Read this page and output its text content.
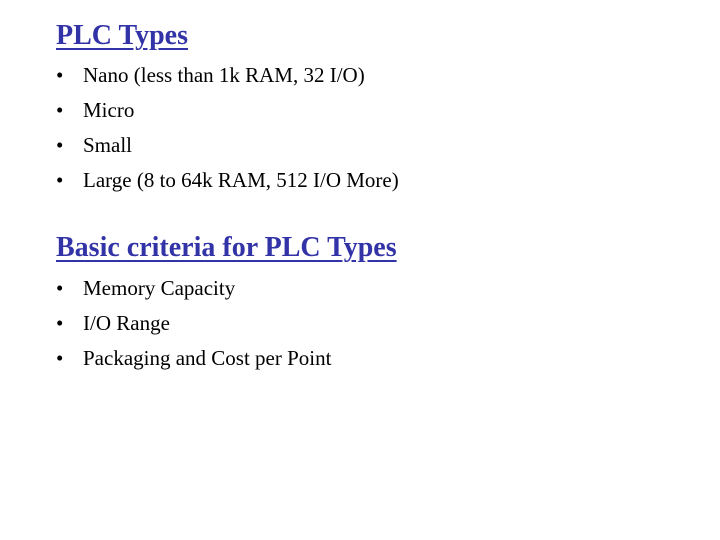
PLC Types
• Nano (less than 1k RAM, 32 I/O)
• Micro
• Small
• Large (8 to 64k RAM, 512 I/O More)
Basic criteria for PLC Types
• Memory Capacity
• I/O Range
• Packaging and Cost per Point
